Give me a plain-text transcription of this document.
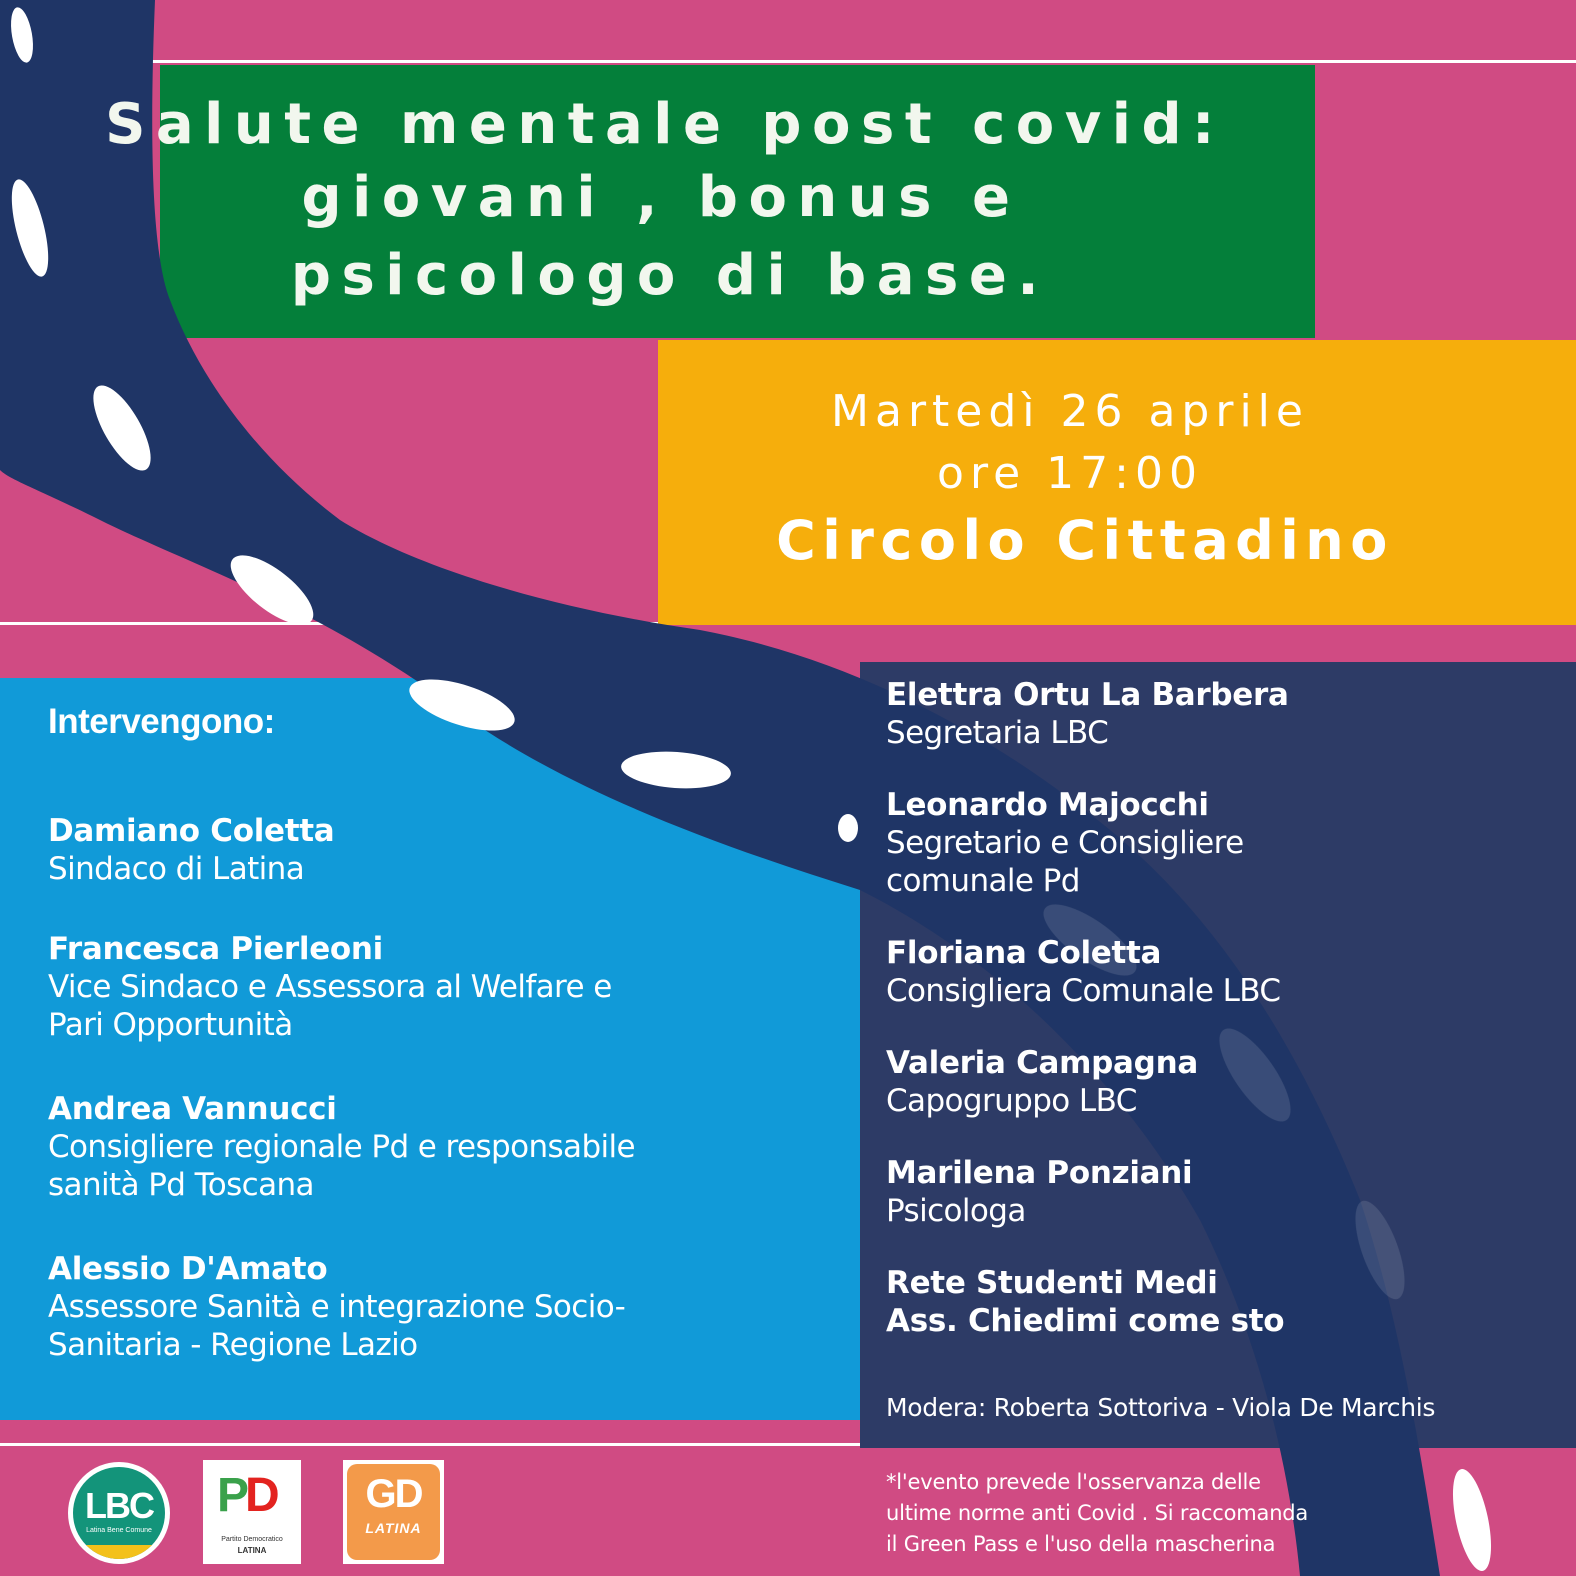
Salute mentale post covid:
giovani , bonus e
psicologo di base.
Martedì 26 aprile
ore 17:00
Circolo Cittadino
Intervengono:
Damiano Coletta
Sindaco di Latina
Francesca Pierleoni
Vice Sindaco e Assessora al Welfare e
Pari Opportunità
Andrea Vannucci
Consigliere regionale Pd e responsabile
sanità Pd Toscana
Alessio D'Amato
Assessore Sanità e integrazione Socio-
Sanitaria - Regione Lazio
Elettra Ortu La Barbera
Segretaria LBC
Leonardo Majocchi
Segretario e Consigliere
comunale Pd
Floriana Coletta
Consigliera Comunale LBC
Valeria Campagna
Capogruppo LBC
Marilena Ponziani
Psicologa
Rete Studenti Medi
Ass. Chiedimi come sto
Modera: Roberta Sottoriva - Viola De Marchis
*l'evento prevede l'osservanza delle
ultime norme anti Covid . Si raccomanda
il Green Pass e l'uso della mascherina
LBC
Latina Bene Comune
PD
Partito Democratico
LATINA
GD
LATINA
